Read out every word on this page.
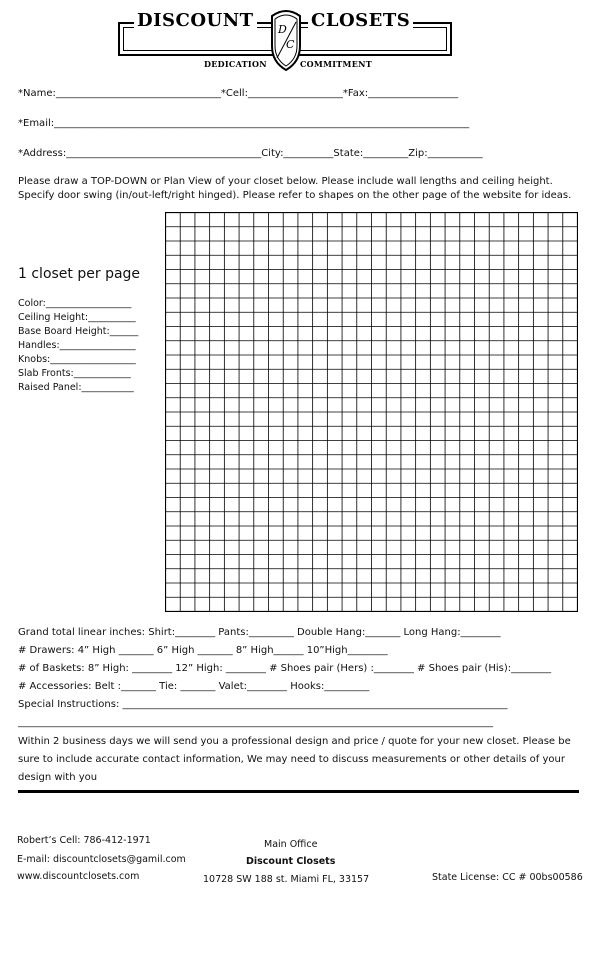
DISCOUNT	CLOSETS
D
C
DEDICATION	COMMITMENT
*Name:_________________________________*Cell:___________________*Fax:__________________
*Email:___________________________________________________________________________________
*Address:_______________________________________City:__________State:_________Zip:___________
Please draw a TOP-DOWN or Plan View of your closet below. Please include wall lengths and ceiling height.
Specify door swing (in/out-left/right hinged). Please refer to shapes on the other page of the website for ideas.
1 closet per page
Color:__________________
Ceiling Height:__________
Base Board Height:______
Handles:________________
Knobs:__________________
Slab Fronts:____________
Raised Panel:___________
Grand total linear inches: Shirt:________ Pants:_________ Double Hang:_______ Long Hang:________
# Drawers: 4” High _______ 6” High _______ 8” High______ 10”High________
# of Baskets: 8” High: ________ 12” High: ________ # Shoes pair (Hers) :________ # Shoes pair (His):________
# Accessories: Belt :_______ Tie: _______ Valet:________ Hooks:_________
Special Instructions: _____________________________________________________________________________
_______________________________________________________________________________________________
Within 2 business days we will send you a professional design and price / quote for your new closet. Please be
sure to include accurate contact information, We may need to discuss measurements or other details of your
design with you
Robert’s Cell: 786-412-1971
E-mail: discountclosets@gamil.com
www.discountclosets.com
Main Office
Discount Closets
10728 SW 188 st. Miami FL, 33157	State License: CC # 00bs00586
